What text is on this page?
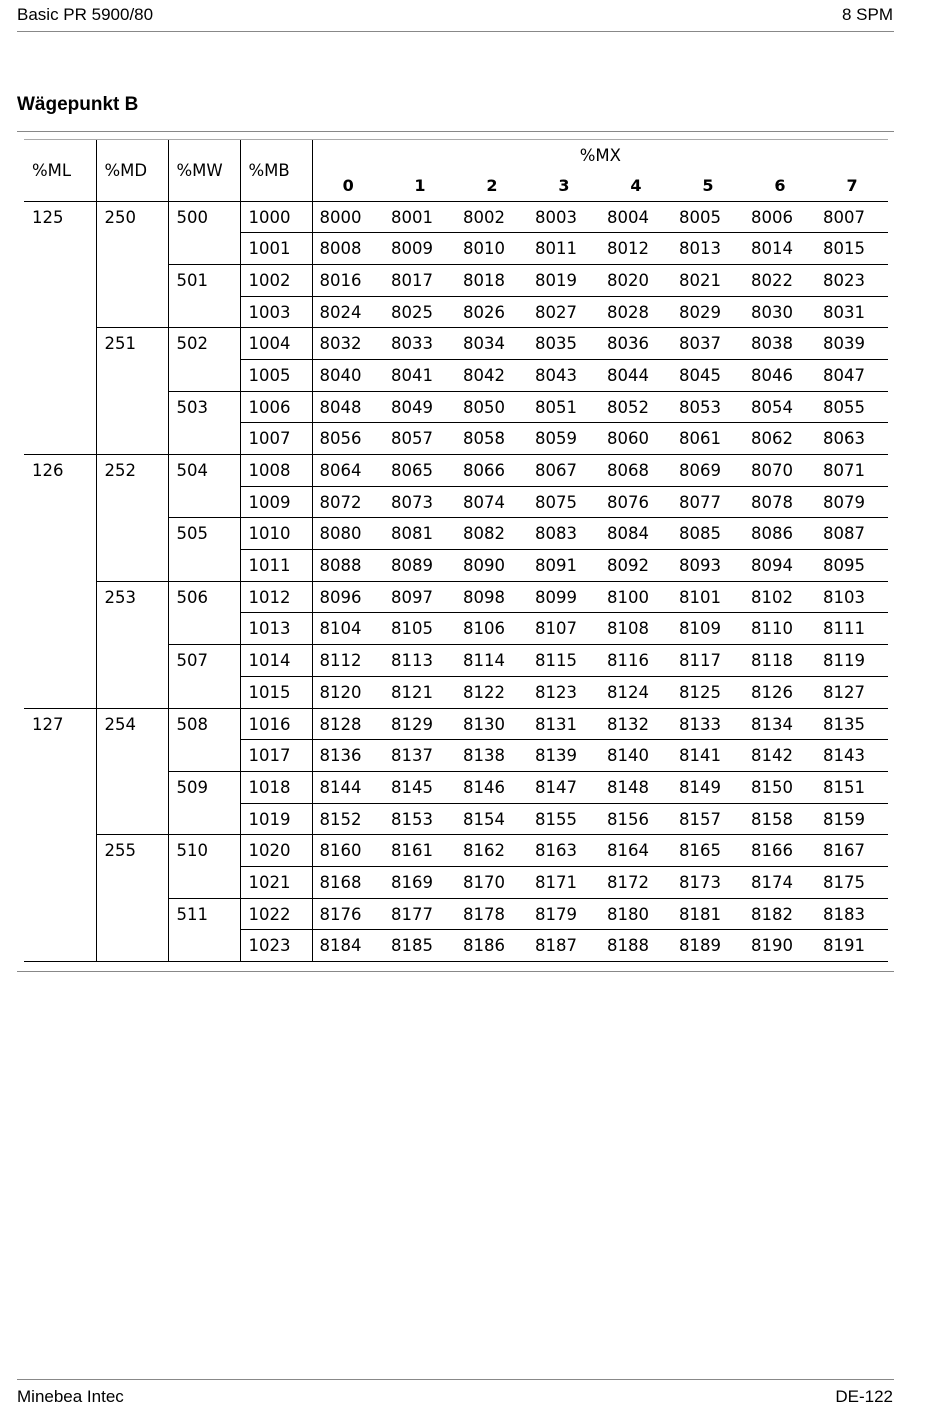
Basic PR 5900/80	8 SPM
Wägepunkt B
%ML	%MD	%MW	%MB	%MX							
				0	1	2	3	4	5	6	7
125	250	500	1000	8000	8001	8002	8003	8004	8005	8006	8007
			1001	8008	8009	8010	8011	8012	8013	8014	8015
		501	1002	8016	8017	8018	8019	8020	8021	8022	8023
			1003	8024	8025	8026	8027	8028	8029	8030	8031
	251	502	1004	8032	8033	8034	8035	8036	8037	8038	8039
			1005	8040	8041	8042	8043	8044	8045	8046	8047
		503	1006	8048	8049	8050	8051	8052	8053	8054	8055
			1007	8056	8057	8058	8059	8060	8061	8062	8063
126	252	504	1008	8064	8065	8066	8067	8068	8069	8070	8071
			1009	8072	8073	8074	8075	8076	8077	8078	8079
		505	1010	8080	8081	8082	8083	8084	8085	8086	8087
			1011	8088	8089	8090	8091	8092	8093	8094	8095
	253	506	1012	8096	8097	8098	8099	8100	8101	8102	8103
			1013	8104	8105	8106	8107	8108	8109	8110	8111
		507	1014	8112	8113	8114	8115	8116	8117	8118	8119
			1015	8120	8121	8122	8123	8124	8125	8126	8127
127	254	508	1016	8128	8129	8130	8131	8132	8133	8134	8135
			1017	8136	8137	8138	8139	8140	8141	8142	8143
		509	1018	8144	8145	8146	8147	8148	8149	8150	8151
			1019	8152	8153	8154	8155	8156	8157	8158	8159
	255	510	1020	8160	8161	8162	8163	8164	8165	8166	8167
			1021	8168	8169	8170	8171	8172	8173	8174	8175
		511	1022	8176	8177	8178	8179	8180	8181	8182	8183
			1023	8184	8185	8186	8187	8188	8189	8190	8191
Minebea Intec	DE-122
